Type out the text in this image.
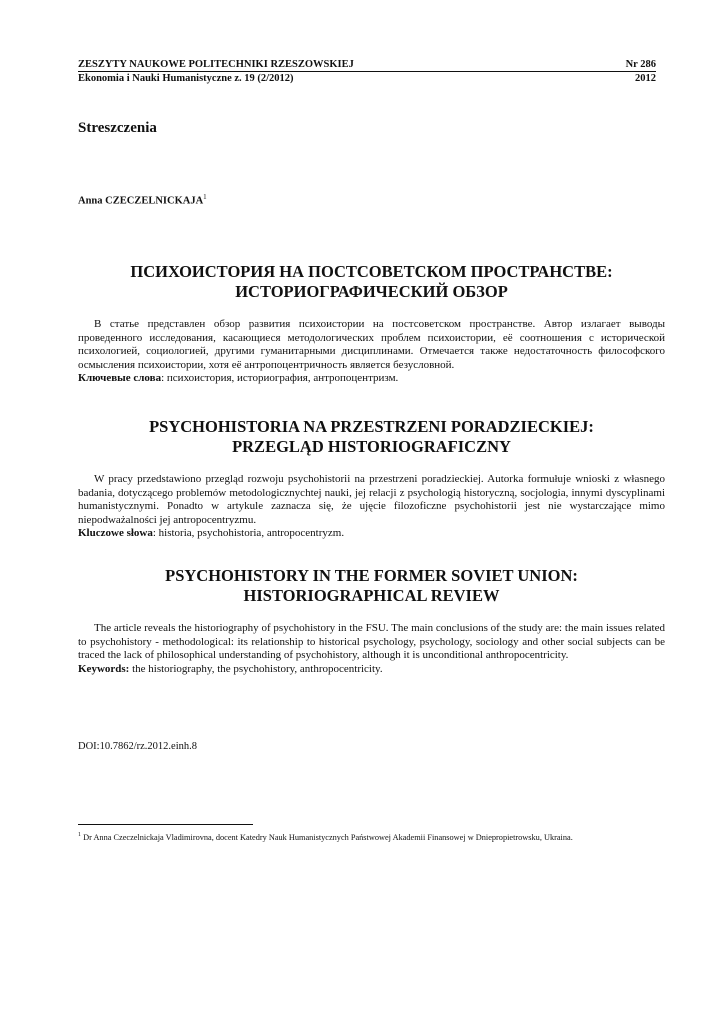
ZESZYTY NAUKOWE POLITECHNIKI RZESZOWSKIEJ	Nr 286
Ekonomia i Nauki Humanistyczne z. 19 (2/2012)	2012
Streszczenia
Anna CZECZELNICKAJA$^1$
ПСИХОИСТОРИЯ НА ПОСТСОВЕТСКОМ ПРОСТРАНСТВЕ:
ИСТОРИОГРАФИЧЕСКИЙ ОБЗОР
В статье представлен обзор развития психоистории на постсоветском пространстве. Автор излагает выводы проведенного исследования, касающиеся методологических проблем психоистории, её соотношения с исторической психологией, социологией, другими гуманитарными дисциплинами. Отмечается также недостаточность философского осмысления психоистории, хотя её антропоцентричность является безусловной.
Ключевые слова: психоистория, историография, антропоцентризм.
PSYCHOHISTORIA NA PRZESTRZENI PORADZIECKIEJ:
PRZEGLĄD HISTORIOGRAFICZNY
W pracy przedstawiono przegląd rozwoju psychohistorii na przestrzeni poradzieckiej. Autorka formułuje wnioski z własnego badania, dotyczącego problemów metodologicznychtej nauki, jej relacji z psychologią historyczną, socjologia, innymi dyscyplinami humanistycznymi. Ponadto w artykule zaznacza się, że ujęcie filozoficzne psychohistorii jest nie wystarczające mimo niepodważalności jej antropocentryzmu.
Kluczowe słowa: historia, psychohistoria, antropocentryzm.
PSYCHOHISTORY IN THE FORMER SOVIET UNION:
HISTORIOGRAPHICAL REVIEW
The article reveals the historiography of psychohistory in the FSU. The main conclusions of the study are: the main issues related to psychohistory - methodological: its relationship to historical psychology, psychology, sociology and other social subjects can be traced the lack of philosophical understanding of psychohistory, although it is unconditional anthropocentricity.
Keywords: the historiography, the psychohistory, anthropocentricity.
DOI:10.7862/rz.2012.einh.8
$^1$ Dr Anna Czeczelnickaja Vladimirovna, docent Katedry Nauk Humanistycznych Państwowej Akademii Finansowej w Dniepropietrowsku, Ukraina.
